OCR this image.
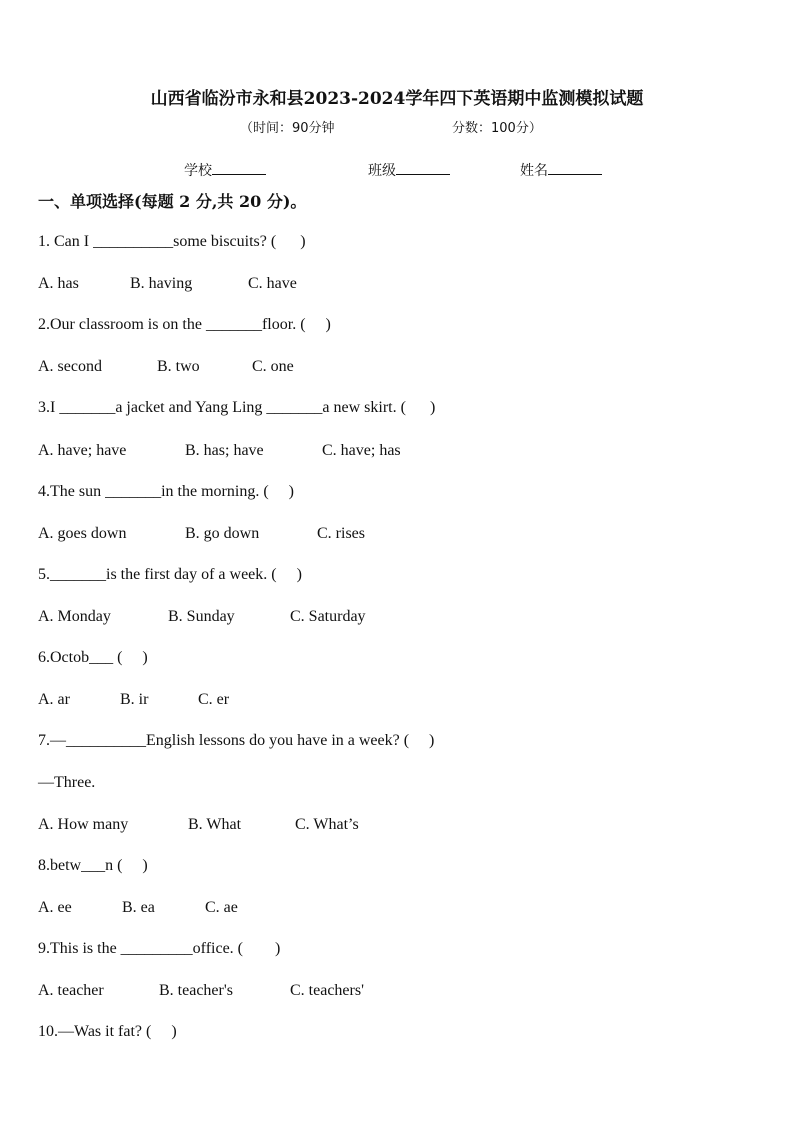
山西省临汾市永和县2023-2024学年四下英语期中监测模拟试题
（时间：90分钟	分数：100分）
学校	班级	姓名
一、单项选择(每题 2 分,共 20 分)。
1. Can I __________some biscuits? (      )
A. has	B. having	C. have
2.Our classroom is on the _______floor. (     )
A. second	B. two	C. one
3.I _______a jacket and Yang Ling _______a new skirt. (      )
A. have; have	B. has; have	C. have; has
4.The sun _______in the morning. (     )
A. goes down	B. go down	C. rises
5._______is the first day of a week. (     )
A. Monday	B. Sunday	C. Saturday
6.Octob___ (     )
A. ar	B. ir	C. er
7.—__________English lessons do you have in a week? (     )
—Three.
A. How many	B. What	C. What’s
8.betw___n (     )
A. ee	B. ea	C. ae
9.This is the _________office. (        )
A. teacher	B. teacher's	C. teachers'
10.—Was it fat? (     )
